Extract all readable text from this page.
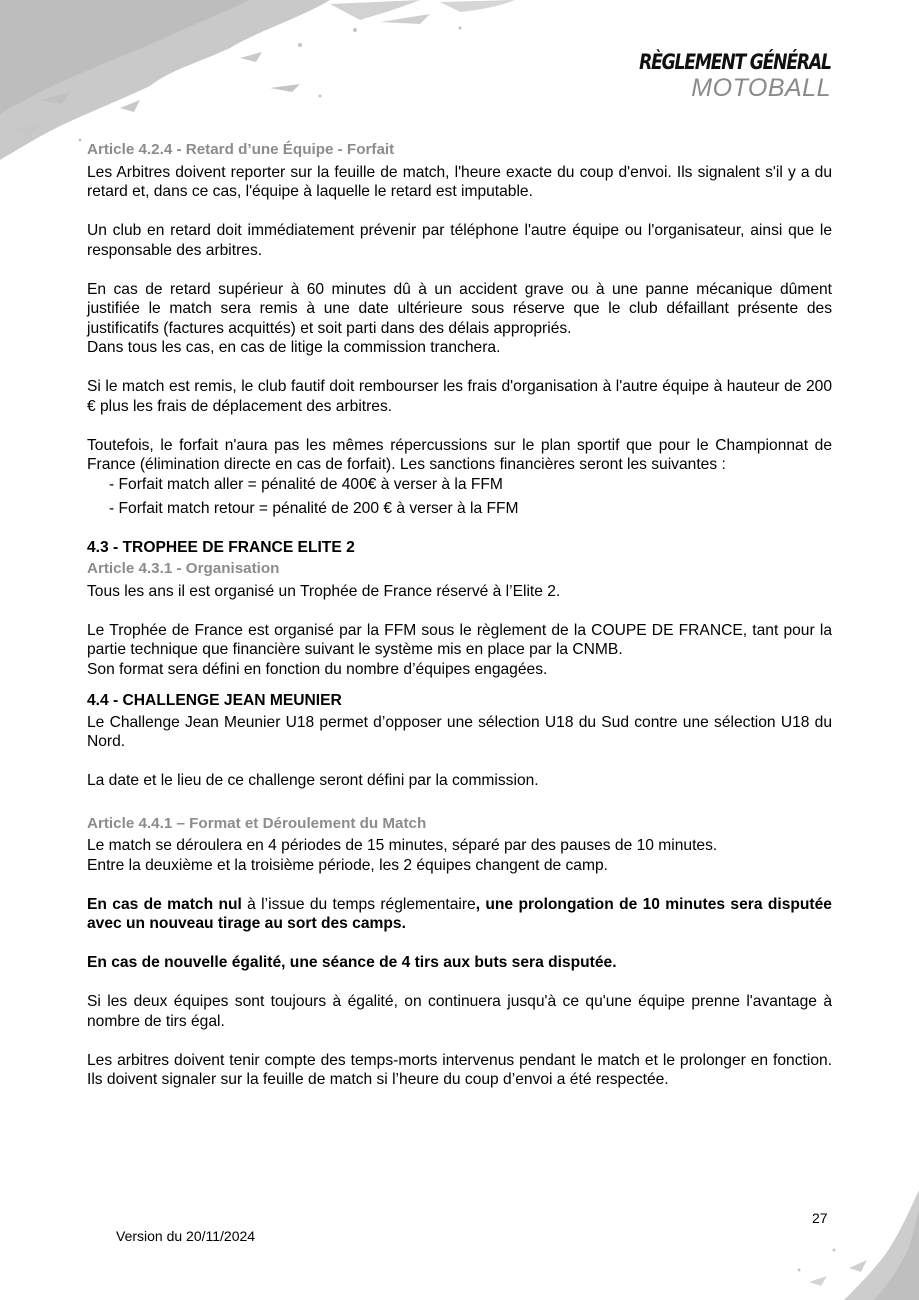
RÈGLEMENT GÉNÉRAL
MOTOBALL
Article 4.2.4 - Retard d’une Équipe - Forfait

Les Arbitres doivent reporter sur la feuille de match, l'heure exacte du coup d'envoi. Ils signalent s'il y a du retard et, dans ce cas, l'équipe à laquelle le retard est imputable.

Un club en retard doit immédiatement prévenir par téléphone l'autre équipe ou l'organisateur, ainsi que le responsable des arbitres.

En cas de retard supérieur à 60 minutes dû à un accident grave ou à une panne mécanique dûment justifiée le match sera remis à une date ultérieure sous réserve que le club défaillant présente des justificatifs (factures acquittés) et soit parti dans des délais appropriés.

Dans tous les cas, en cas de litige la commission tranchera.

Si le match est remis, le club fautif doit rembourser les frais d'organisation à l'autre équipe à hauteur de 200 € plus les frais de déplacement des arbitres.

Toutefois, le forfait n'aura pas les mêmes répercussions sur le plan sportif que pour le Championnat de France (élimination directe en cas de forfait). Les sanctions financières seront les suivantes :

- Forfait match aller = pénalité de 400€ à verser à la FFM
- Forfait match retour = pénalité de 200 € à verser à la FFM
4.3 - TROPHEE DE FRANCE ELITE 2
Article 4.3.1 - Organisation

Tous les ans il est organisé un Trophée de France réservé à l’Elite 2.

Le Trophée de France est organisé par la FFM sous le règlement de la COUPE DE FRANCE, tant pour la partie technique que financière suivant le système mis en place par la CNMB.

Son format sera défini en fonction du nombre d’équipes engagées.

4.4 - CHALLENGE JEAN MEUNIER

Le Challenge Jean Meunier U18 permet d’opposer une sélection U18 du Sud contre une sélection U18 du Nord.

La date et le lieu de ce challenge seront défini par la commission.

Article 4.4.1 – Format et Déroulement du Match

Le match se déroulera en 4 périodes de 15 minutes, séparé par des pauses de 10 minutes.

Entre la deuxième et la troisième période, les 2 équipes changent de camp.

En cas de match nul à l’issue du temps réglementaire, une prolongation de 10 minutes sera disputée avec un nouveau tirage au sort des camps.

En cas de nouvelle égalité, une séance de 4 tirs aux buts sera disputée.

Si les deux équipes sont toujours à égalité, on continuera jusqu'à ce qu'une équipe prenne l'avantage à nombre de tirs égal.

Les arbitres doivent tenir compte des temps-morts intervenus pendant le match et le prolonger en fonction. Ils doivent signaler sur la feuille de match si l’heure du coup d’envoi a été respectée.

Version du 20/11/2024
27
